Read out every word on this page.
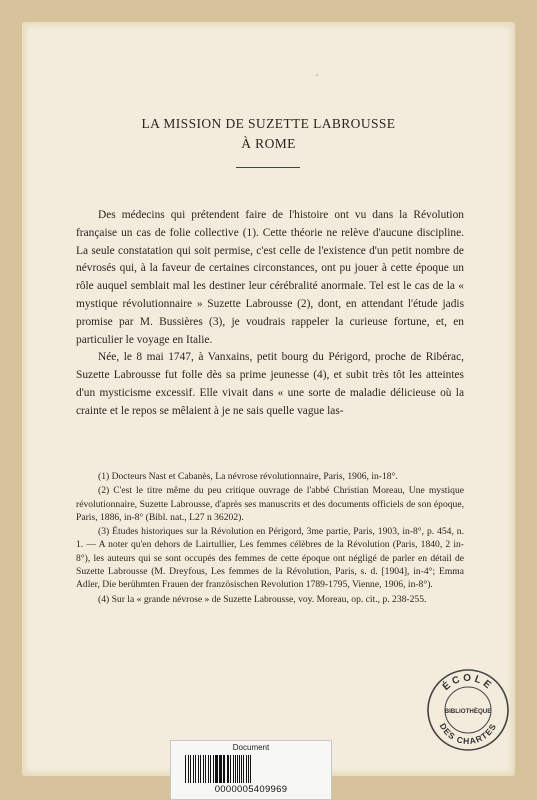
ʻ
LA MISSION DE SUZETTE LABROUSSE
À ROME

Des médecins qui prétendent faire de l'histoire ont vu dans la Révolution française un cas de folie collective (1). Cette théorie ne relève d'aucune discipline. La seule constatation qui soit permise, c'est celle de l'existence d'un petit nombre de névrosés qui, à la faveur de certaines circonstances, ont pu jouer à cette époque un rôle auquel semblait mal les destiner leur cérébralité anormale. Tel est le cas de la « mystique révolutionnaire » Suzette Labrousse (2), dont, en attendant l'étude jadis promise par M. Bussières (3), je voudrais rappeler la curieuse fortune, et, en particulier le voyage en Italie.

Née, le 8 mai 1747, à Vanxains, petit bourg du Périgord, proche de Ribérac, Suzette Labrousse fut folle dès sa prime jeunesse (4), et subit très tôt les atteintes d'un mysticisme excessif. Elle vivait dans « une sorte de maladie délicieuse où la crainte et le repos se mêlaient à je ne sais quelle vague las-

(1) Docteurs Nast et Cabanès, La névrose révolutionnaire, Paris, 1906, in-18°.

(2) C'est le titre même du peu critique ouvrage de l'abbé Christian Moreau, Une mystique révolutionnaire, Suzette Labrousse, d'après ses manuscrits et des documents officiels de son époque, Paris, 1886, in-8° (Bibl. nat., L27 n 36202).

(3) Études historiques sur la Révolution en Périgord, 3me partie, Paris, 1903, in-8°, p. 454, n. 1. — A noter qu'en dehors de Lairtullier, Les femmes célèbres de la Révolution (Paris, 1840, 2 in-8°), les auteurs qui se sont occupés des femmes de cette époque ont négligé de parler en détail de Suzette Labrousse (M. Dreyfous, Les femmes de la Révolution, Paris, s. d. [1904], in-4°; Emma Adler, Die berühmten Frauen der französischen Revolution 1789-1795, Vienne, 1906, in-8°).

(4) Sur la « grande névrose » de Suzette Labrousse, voy. Moreau, op. cit., p. 238-255.

ÉCOLE
BIBLIOTHÈQUE
DES CHARTES
Document
0000005409969
